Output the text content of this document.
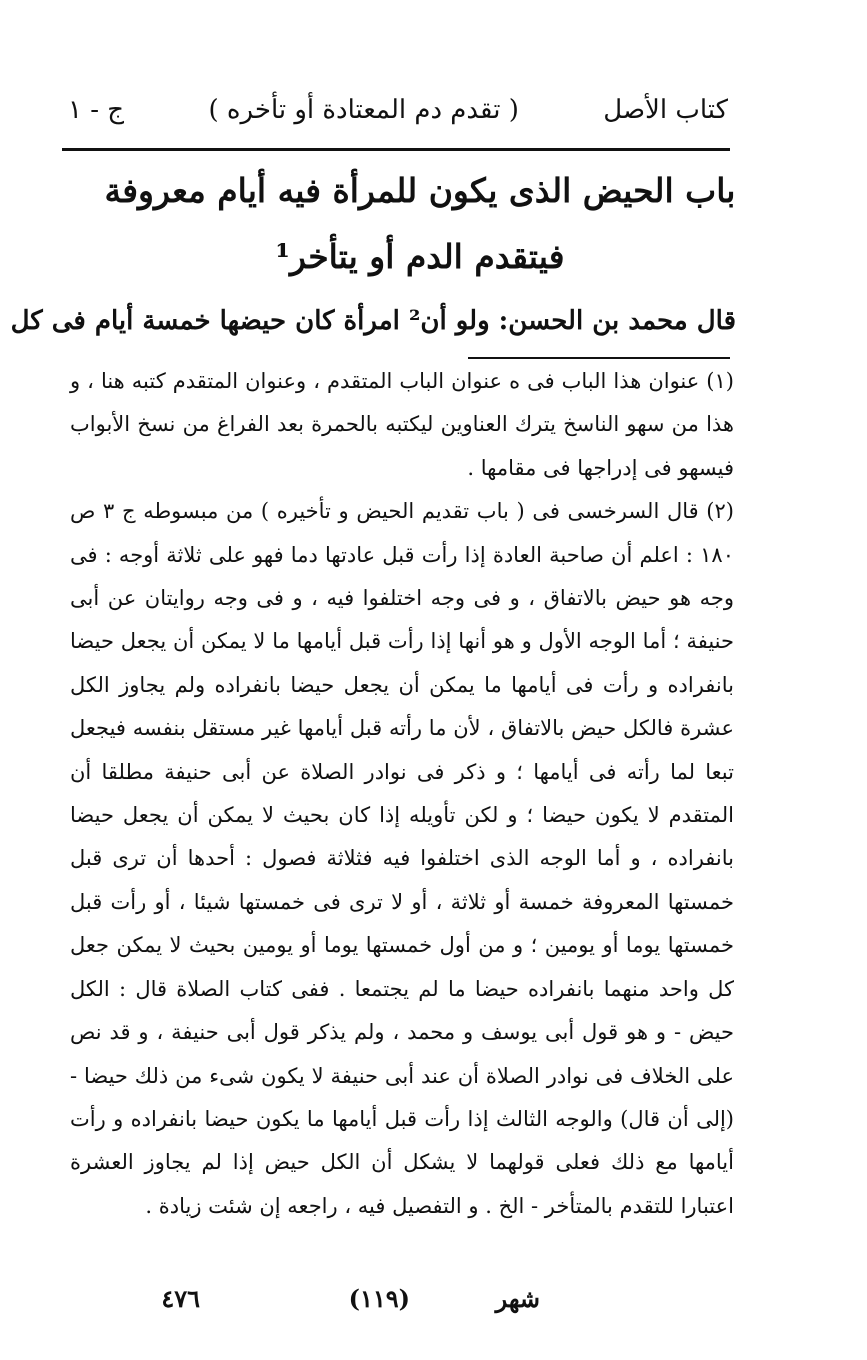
كتاب الأصل
( تقدم دم المعتادة أو تأخره )
ج - ١
باب الحيض الذى يكون للمرأة فيه أيام معروفة
فيتقدم الدم أو يتأخر¹
قال محمد بن الحسن: ولو أن² امرأة كان حيضها خمسة أيام فى كل

(١) عنوان هذا الباب فى ه عنوان الباب المتقدم ، وعنوان المتقدم كتبه هنا ، و هذا من سهو الناسخ يترك العناوين ليكتبه بالحمرة بعد الفراغ من نسخ الأبواب فيسهو فى إدراجها فى مقامها .

(٢) قال السرخسى فى ( باب تقديم الحيض و تأخيره ) من مبسوطه ج ٣ ص ١٨٠ : اعلم أن صاحبة العادة إذا رأت قبل عادتها دما فهو على ثلاثة أوجه : فى وجه هو حيض بالاتفاق ، و فى وجه اختلفوا فيه ، و فى وجه روايتان عن أبى حنيفة ؛ أما الوجه الأول و هو أنها إذا رأت قبل أيامها ما لا يمكن أن يجعل حيضا بانفراده و رأت فى أيامها ما يمكن أن يجعل حيضا بانفراده ولم يجاوز الكل عشرة فالكل حيض بالاتفاق ، لأن ما رأته قبل أيامها غير مستقل بنفسه فيجعل تبعا لما رأته فى أيامها ؛ و ذكر فى نوادر الصلاة عن أبى حنيفة مطلقا أن المتقدم لا يكون حيضا ؛ و لكن تأويله إذا كان بحيث لا يمكن أن يجعل حيضا بانفراده ، و أما الوجه الذى اختلفوا فيه فثلاثة فصول : أحدها أن ترى قبل خمستها المعروفة خمسة أو ثلاثة ، أو لا ترى فى خمستها شيئا ، أو رأت قبل خمستها يوما أو يومين ؛ و من أول خمستها يوما أو يومين بحيث لا يمكن جعل كل واحد منهما بانفراده حيضا ما لم يجتمعا . ففى كتاب الصلاة قال : الكل حيض - و هو قول أبى يوسف و محمد ، ولم يذكر قول أبى حنيفة ، و قد نص على الخلاف فى نوادر الصلاة أن عند أبى حنيفة لا يكون شىء من ذلك حيضا - (إلى أن قال) والوجه الثالث إذا رأت قبل أيامها ما يكون حيضا بانفراده و رأت أيامها مع ذلك فعلى قولهما لا يشكل أن الكل حيض إذا لم يجاوز العشرة اعتبارا للتقدم بالمتأخر - الخ . و التفصيل فيه ، راجعه إن شئت زيادة .

شهر
(١١٩)
٤٧٦
